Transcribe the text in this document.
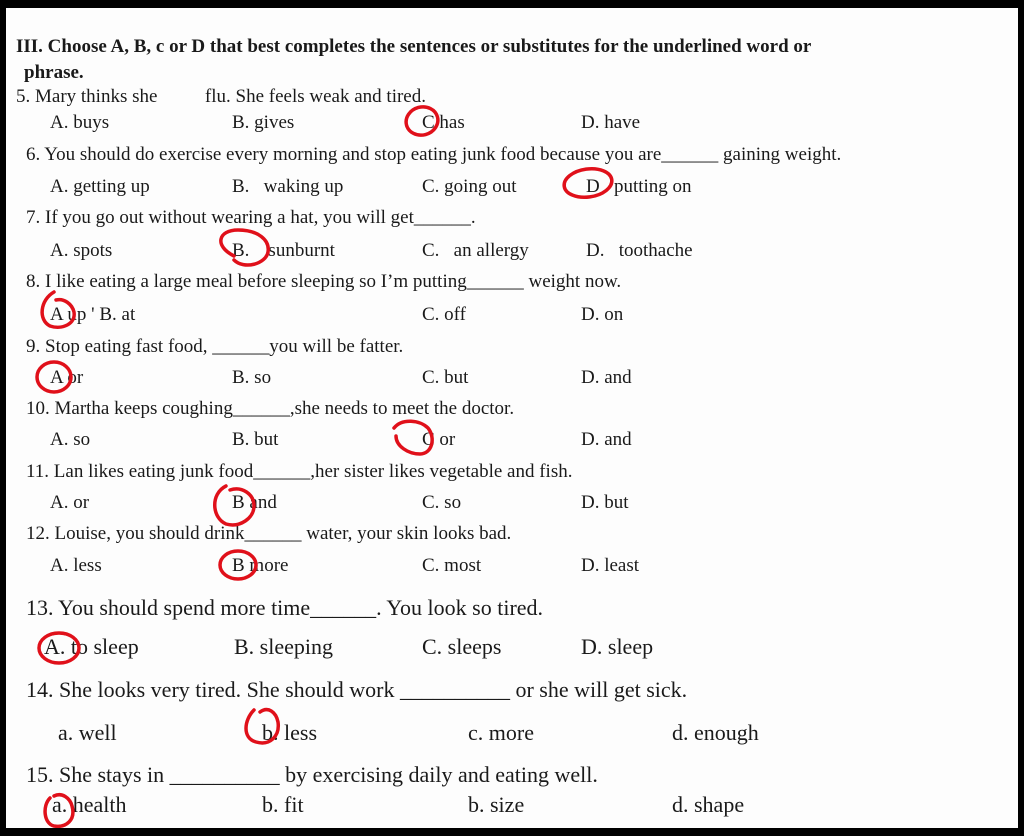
III. Choose A, B, c or D that best completes the sentences or substitutes for the underlined word or
phrase.
5. Mary thinks she          flu. She feels weak and tired.
A. buys	B. gives	C has	D. have
6. You should do exercise every morning and stop eating junk food because you are______ gaining weight.
A. getting up	B.   waking up	C. going out	D   putting on
7. If you go out without wearing a hat, you will get______.
A. spots	B.    sunburnt	C.   an allergy	D.   toothache
8. I like eating a large meal before sleeping so I’m putting______ weight now.
A up ' B. at	C. off	D. on
9. Stop eating fast food, ______you will be fatter.
A or	B. so	C. but	D. and
10. Martha keeps coughing______,she needs to meet the doctor.
A. so	B. but	C or	D. and
11. Lan likes eating junk food______,her sister likes vegetable and fish.
A. or	B and	C. so	D. but
12. Louise, you should drink______ water, your skin looks bad.
A. less	B more	C. most	D. least
13. You should spend more time______. You look so tired.
A. to sleep	B. sleeping	C. sleeps	D. sleep
14. She looks very tired. She should work __________ or she will get sick.
a. well	b. less	c. more	d. enough
15. She stays in __________ by exercising daily and eating well.
a. health	b. fit	b. size	d. shape
